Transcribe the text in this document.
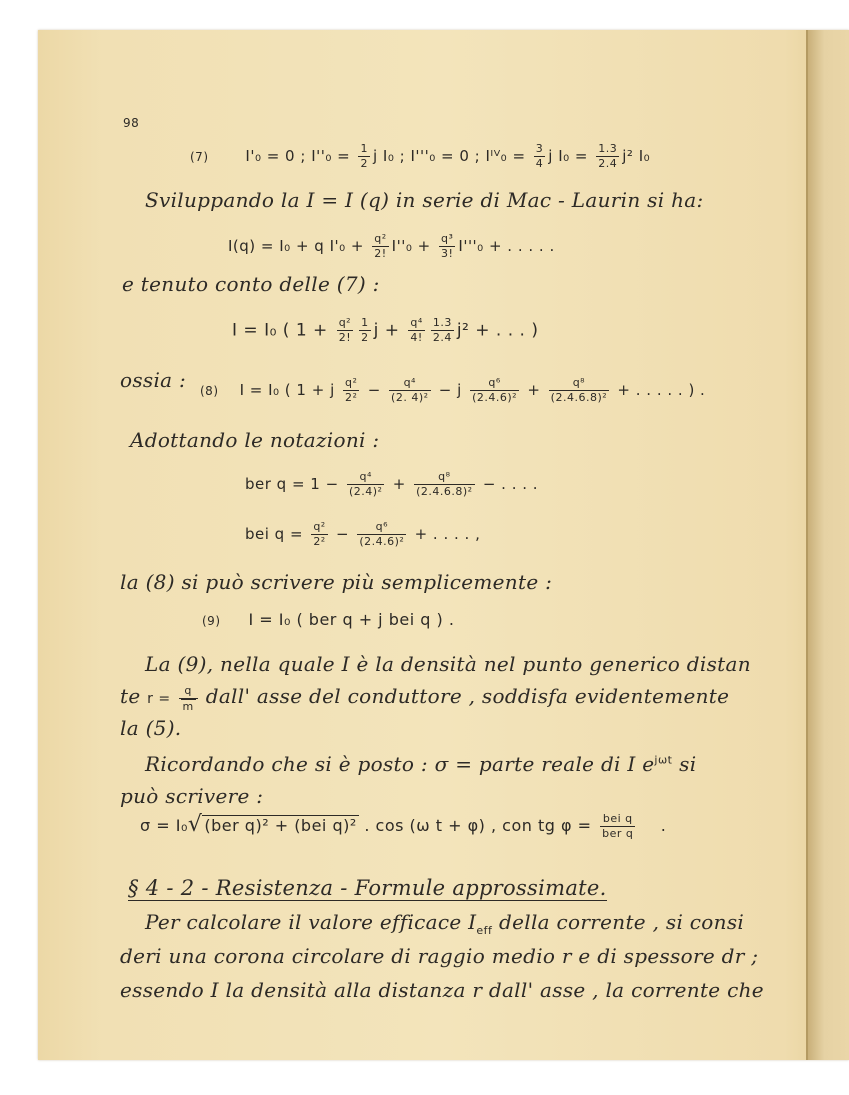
98
(7) I'₀ = 0 ; $I''_0 = \frac{1}{2}$ j I₀ ; I'''₀ = 0 ; Iᴵⱽ₀ = $\frac{3}{4}$ j $I_0 = \frac{1.3}{2.4} j^2$ I₀
Sviluppando la I = I (q) in serie di Mac - Laurin si ha:
I(q) = I₀ + q $I'_0 + \frac{\text{q²}}{2!} I''_0 + \frac{\text{q³}}{3!} I'''_0$ + . . . . .
e tenuto conto delle (7) :
I = I₀ ( $1 + \frac{\text{q²}}{2!} \frac{1}{2}$ $j + \frac{\text{q⁴}}{4!} \frac{1.3}{2.4} j^2$ + . . . )
ossia : (8) I = I₀ ( 1 + j $\frac{\text{q²}}{\text{2²}} - \frac{\text{q⁴}}{\text{(2. 4)²}} - j \frac{\text{q⁶}}{\text{(2.4.6)²}} + \frac{\text{q⁸}}{\text{(2.4.6.8)²}}$ + . . . . . ) .
Adottando le notazioni :
ber $q = 1 - \frac{\text{q⁴}}{\text{(2.4)²}} + \frac{\text{q⁸}}{\text{(2.4.6.8)²}}$ − . . . .
bei $q = \frac{\text{q²}}{\text{2²}} - \frac{\text{q⁶}}{\text{(2.4.6)²}}$ + . . . . ,
la (8) si può scrivere più semplicemente :
(9) I = I₀ ( ber q + j bei q ) .
La (9), nella quale I è la densità nel punto generico distan
te $r = \frac{q}{m}$ dall' asse del conduttore , soddisfa evidentemente
la (5).
Ricordando che si è posto : σ = parte reale di I $e^{j\omega t}$ si
può scrivere :
σ = I₀√ (ber q)² + (bei q)² . cos (ω t + φ) , con tg $\varphi = \frac{\text{bei q}}{\text{ber q}}$ .
§ 4 - 2 - Resistenza - Formule approssimate.
Per calcolare il valore efficace $I_{eff}$ della corrente , si consi
deri una corona circolare di raggio medio r e di spessore dr ;
essendo I la densità alla distanza r dall' asse , la corrente che
